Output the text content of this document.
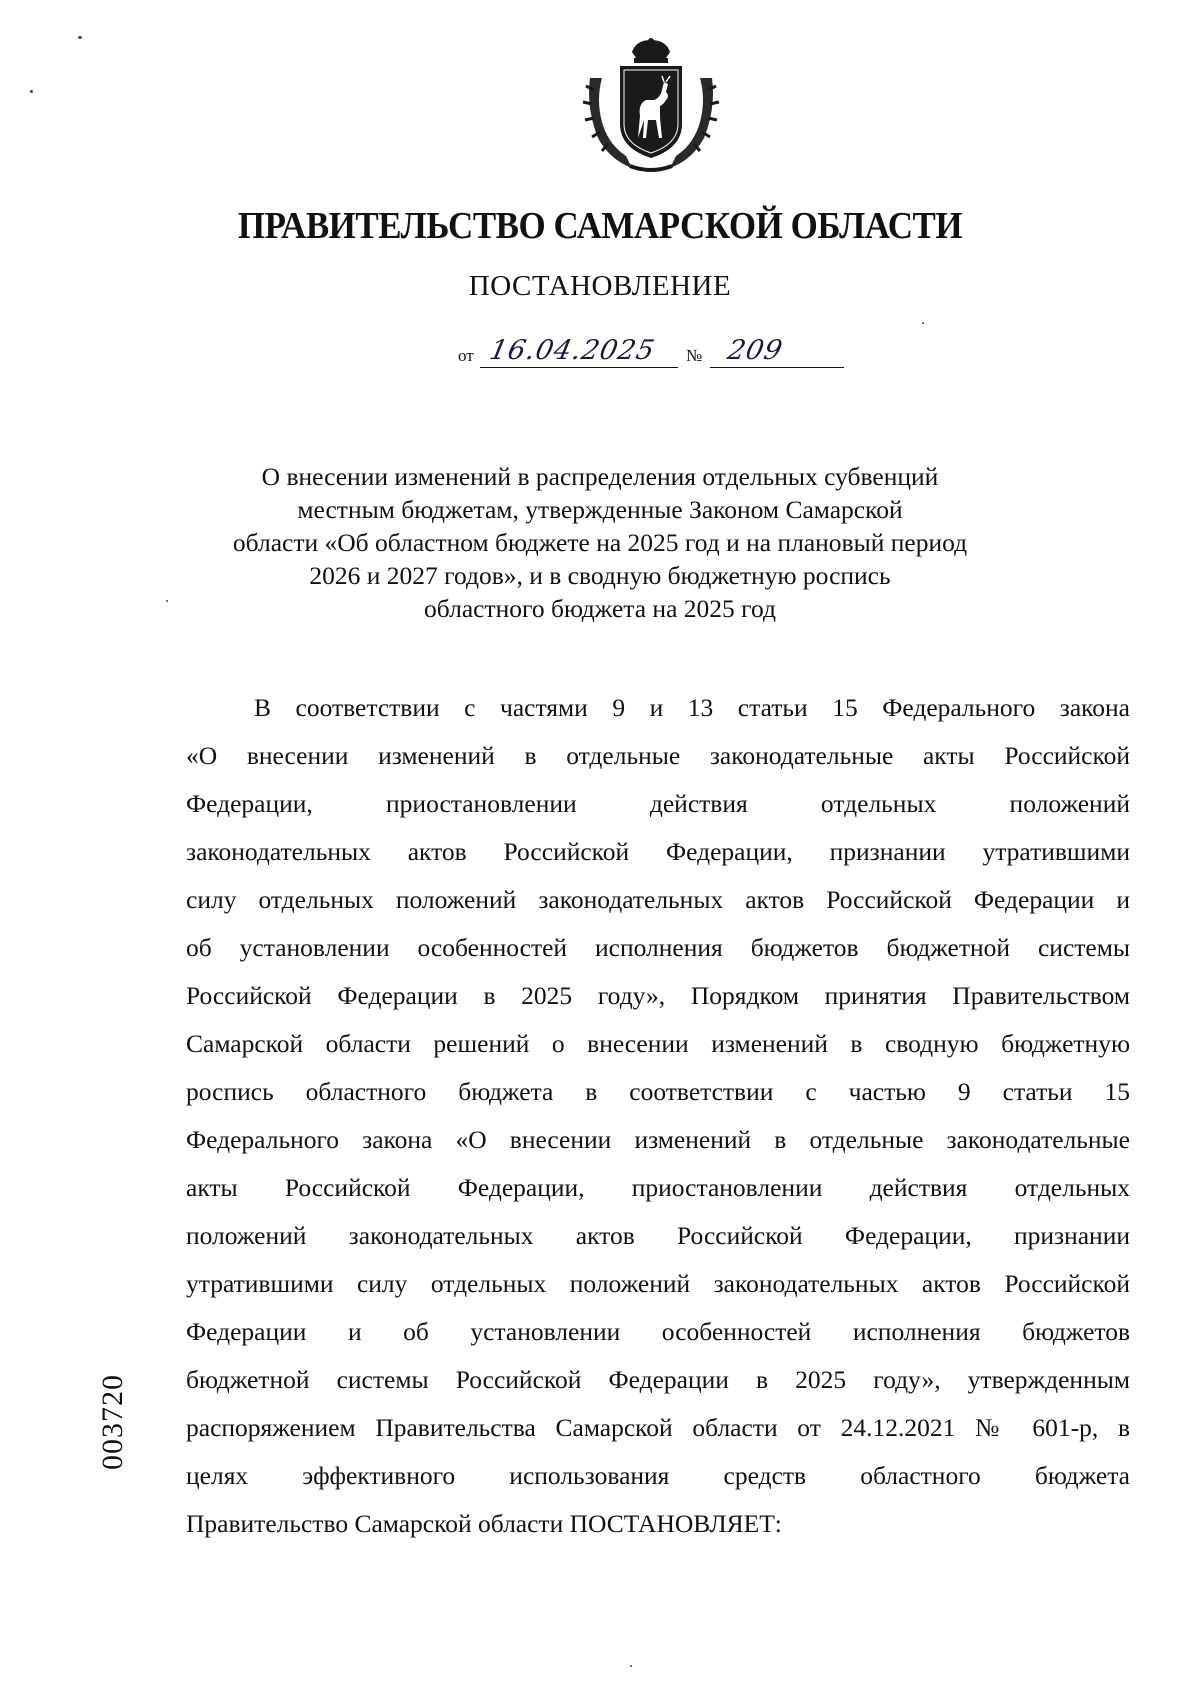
ПРАВИТЕЛЬСТВО САМАРСКОЙ ОБЛАСТИ
ПОСТАНОВЛЕНИЕ
от 16.04.2025 № 209
О внесении изменений в распределения отдельных субвенций
местным бюджетам, утвержденные Законом Самарской
области «Об областном бюджете на 2025 год и на плановый период
2026 и 2027 годов», и в сводную бюджетную роспись
областного бюджета на 2025 год
В соответствии с частями 9 и 13 статьи 15 Федерального закона
«О внесении изменений в отдельные законодательные акты Российской
Федерации, приостановлении действия отдельных положений
законодательных актов Российской Федерации, признании утратившими
силу отдельных положений законодательных актов Российской Федерации и
об установлении особенностей исполнения бюджетов бюджетной системы
Российской Федерации в 2025 году», Порядком принятия Правительством
Самарской области решений о внесении изменений в сводную бюджетную
роспись областного бюджета в соответствии с частью 9 статьи 15
Федерального закона «О внесении изменений в отдельные законодательные
акты Российской Федерации, приостановлении действия отдельных
положений законодательных актов Российской Федерации, признании
утратившими силу отдельных положений законодательных актов Российской
Федерации и об установлении особенностей исполнения бюджетов
бюджетной системы Российской Федерации в 2025 году», утвержденным
распоряжением Правительства Самарской области от 24.12.2021 № 601-р, в
целях эффективного использования средств областного бюджета
Правительство Самарской области ПОСТАНОВЛЯЕТ:
003720
